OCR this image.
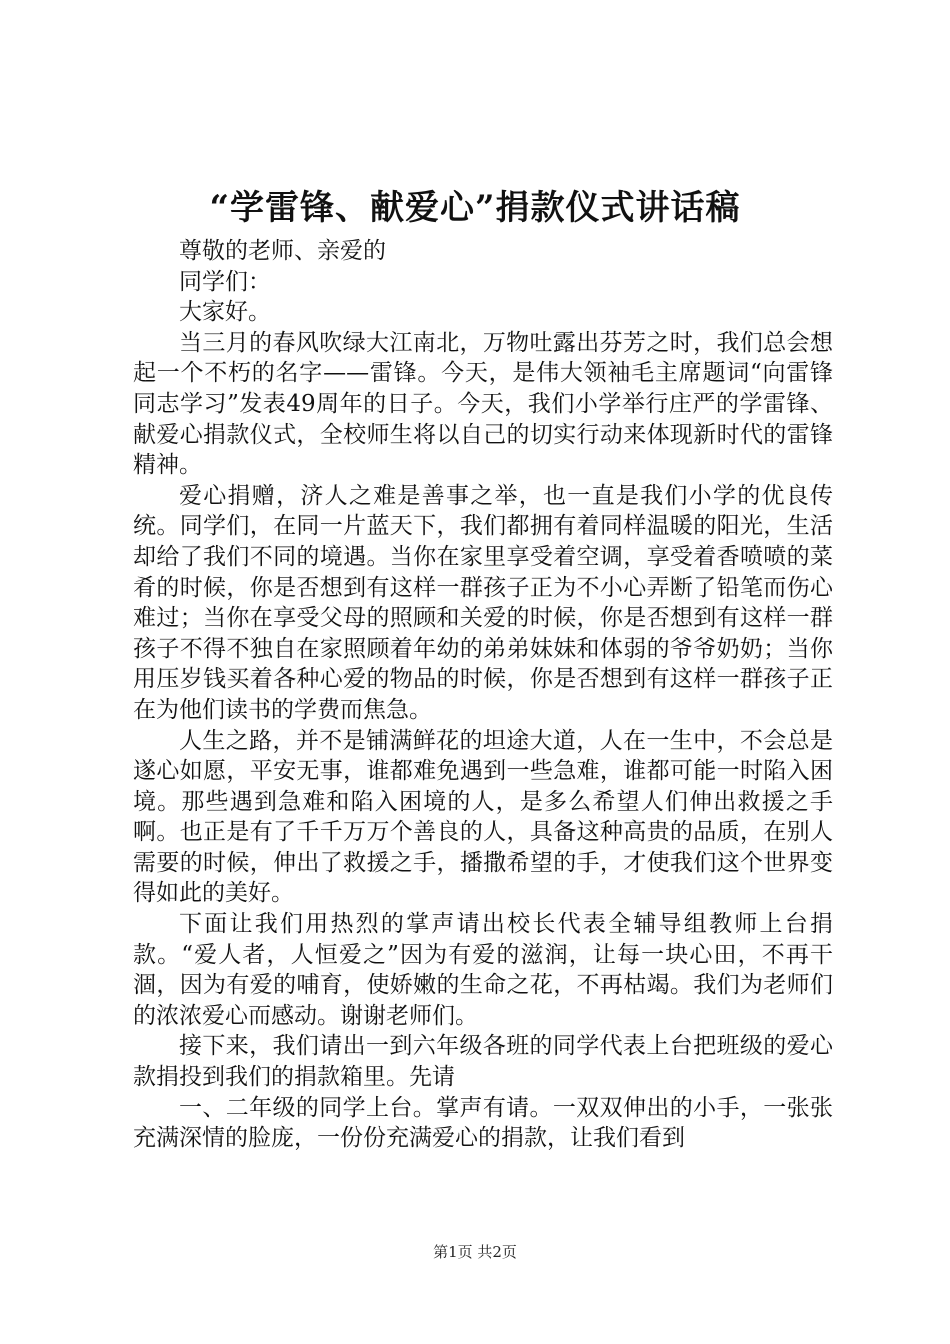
“学雷锋、献爱心”捐款仪式讲话稿

尊敬的老师、亲爱的

同学们：

大家好。

当三月的春风吹绿大江南北，万物吐露出芬芳之时，我们总会想起一个不朽的名字——雷锋。今天，是伟大领袖毛主席题词“向雷锋同志学习”发表49周年的日子。今天，我们小学举行庄严的学雷锋、献爱心捐款仪式，全校师生将以自己的切实行动来体现新时代的雷锋精神。

爱心捐赠，济人之难是善事之举，也一直是我们小学的优良传统。同学们，在同一片蓝天下，我们都拥有着同样温暖的阳光，生活却给了我们不同的境遇。当你在家里享受着空调，享受着香喷喷的菜肴的时候，你是否想到有这样一群孩子正为不小心弄断了铅笔而伤心难过；当你在享受父母的照顾和关爱的时候，你是否想到有这样一群孩子不得不独自在家照顾着年幼的弟弟妹妹和体弱的爷爷奶奶；当你用压岁钱买着各种心爱的物品的时候，你是否想到有这样一群孩子正在为他们读书的学费而焦急。

人生之路，并不是铺满鲜花的坦途大道，人在一生中，不会总是遂心如愿，平安无事，谁都难免遇到一些急难，谁都可能一时陷入困境。那些遇到急难和陷入困境的人，是多么希望人们伸出救援之手啊。也正是有了千千万万个善良的人，具备这种高贵的品质，在别人需要的时候，伸出了救援之手，播撒希望的手，才使我们这个世界变得如此的美好。

下面让我们用热烈的掌声请出校长代表全辅导组教师上台捐款。“爱人者，人恒爱之”因为有爱的滋润，让每一块心田，不再干涸，因为有爱的哺育，使娇嫩的生命之花，不再枯竭。我们为老师们的浓浓爱心而感动。谢谢老师们。

接下来，我们请出一到六年级各班的同学代表上台把班级的爱心款捐投到我们的捐款箱里。先请

一、二年级的同学上台。掌声有请。一双双伸出的小手，一张张充满深情的脸庞，一份份充满爱心的捐款，让我们看到

第1页 共2页
